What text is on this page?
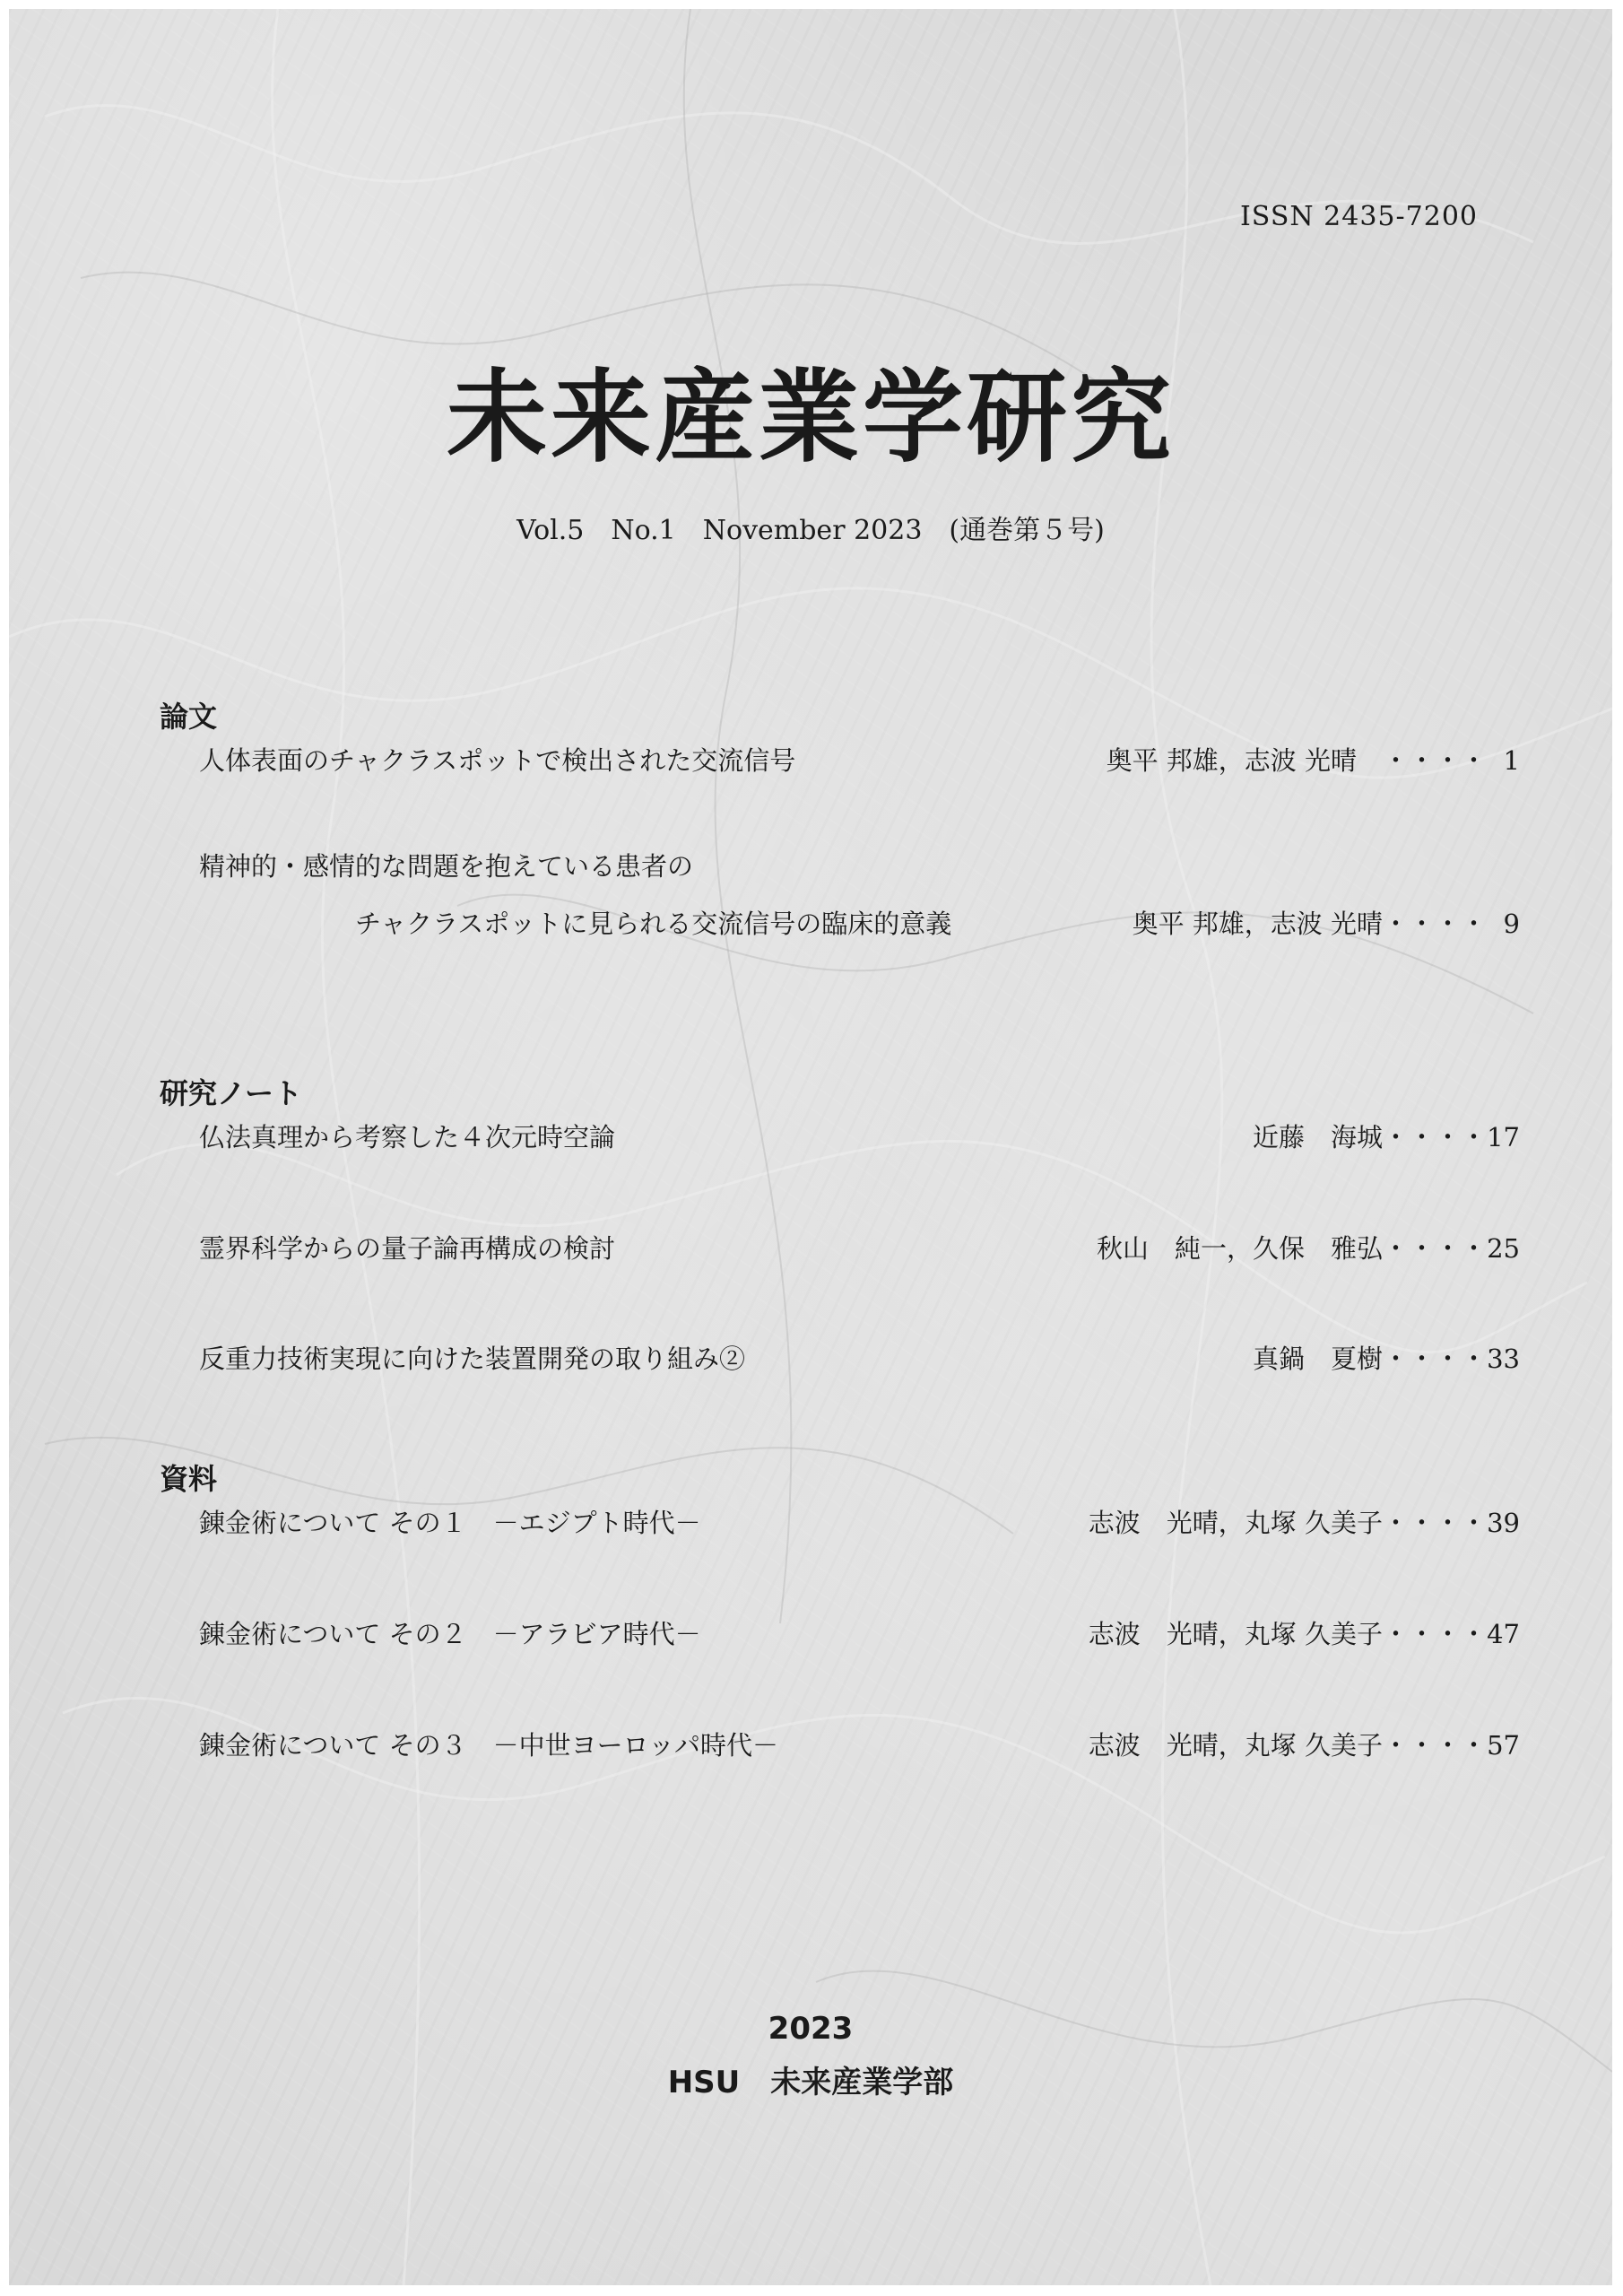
ISSN 2435-7200
未来産業学研究
Vol.5　No.1　November 2023　(通巻第５号)
論文
人体表面のチャクラスポットで検出された交流信号	奥平 邦雄，志波 光晴　・・・・ 1
精神的・感情的な問題を抱えている患者の
チャクラスポットに見られる交流信号の臨床的意義	奥平 邦雄，志波 光晴・・・・ 9
研究ノート
仏法真理から考察した４次元時空論	近藤　海城・・・・ 17
霊界科学からの量子論再構成の検討	秋山　純一，久保　雅弘・・・・ 25
反重力技術実現に向けた装置開発の取り組み②	真鍋　夏樹・・・・ 33
資料
錬金術について その１　－エジプト時代－	志波　光晴，丸塚 久美子・・・・ 39
錬金術について その２　－アラビア時代－	志波　光晴，丸塚 久美子・・・・ 47
錬金術について その３　－中世ヨーロッパ時代－	志波　光晴，丸塚 久美子・・・・ 57
2023
HSU　未来産業学部
